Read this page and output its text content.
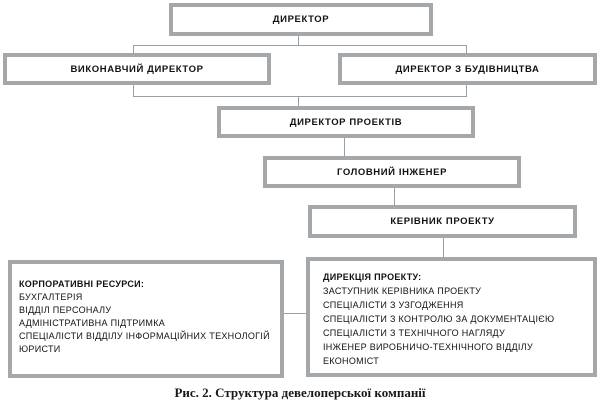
ДИРЕКТОР
ВИКОНАВЧИЙ ДИРЕКТОР	ДИРЕКТОР З БУДІВНИЦТВА
ДИРЕКТОР ПРОЕКТІВ
ГОЛОВНИЙ ІНЖЕНЕР
КЕРІВНИК ПРОЕКТУ
КОРПОРАТИВНІ РЕСУРСИ:
БУХГАЛТЕРІЯ
ВІДДІЛ ПЕРСОНАЛУ
АДМІНІСТРАТИВНА ПІДТРИМКА
СПЕЦІАЛІСТИ ВІДДІЛУ ІНФОРМАЦІЙНИХ ТЕХНОЛОГІЙ
ЮРИСТИ
ДИРЕКЦІЯ ПРОЕКТУ:
ЗАСТУПНИК КЕРІВНИКА ПРОЕКТУ
СПЕЦІАЛІСТИ З УЗГОДЖЕННЯ
СПЕЦІАЛІСТИ З КОНТРОЛЮ ЗА ДОКУМЕНТАЦІЄЮ
СПЕЦІАЛІСТИ З ТЕХНІЧНОГО НАГЛЯДУ
ІНЖЕНЕР ВИРОБНИЧО-ТЕХНІЧНОГО ВІДДІЛУ
ЕКОНОМІСТ
Рис. 2. Структура девелоперської компанії
